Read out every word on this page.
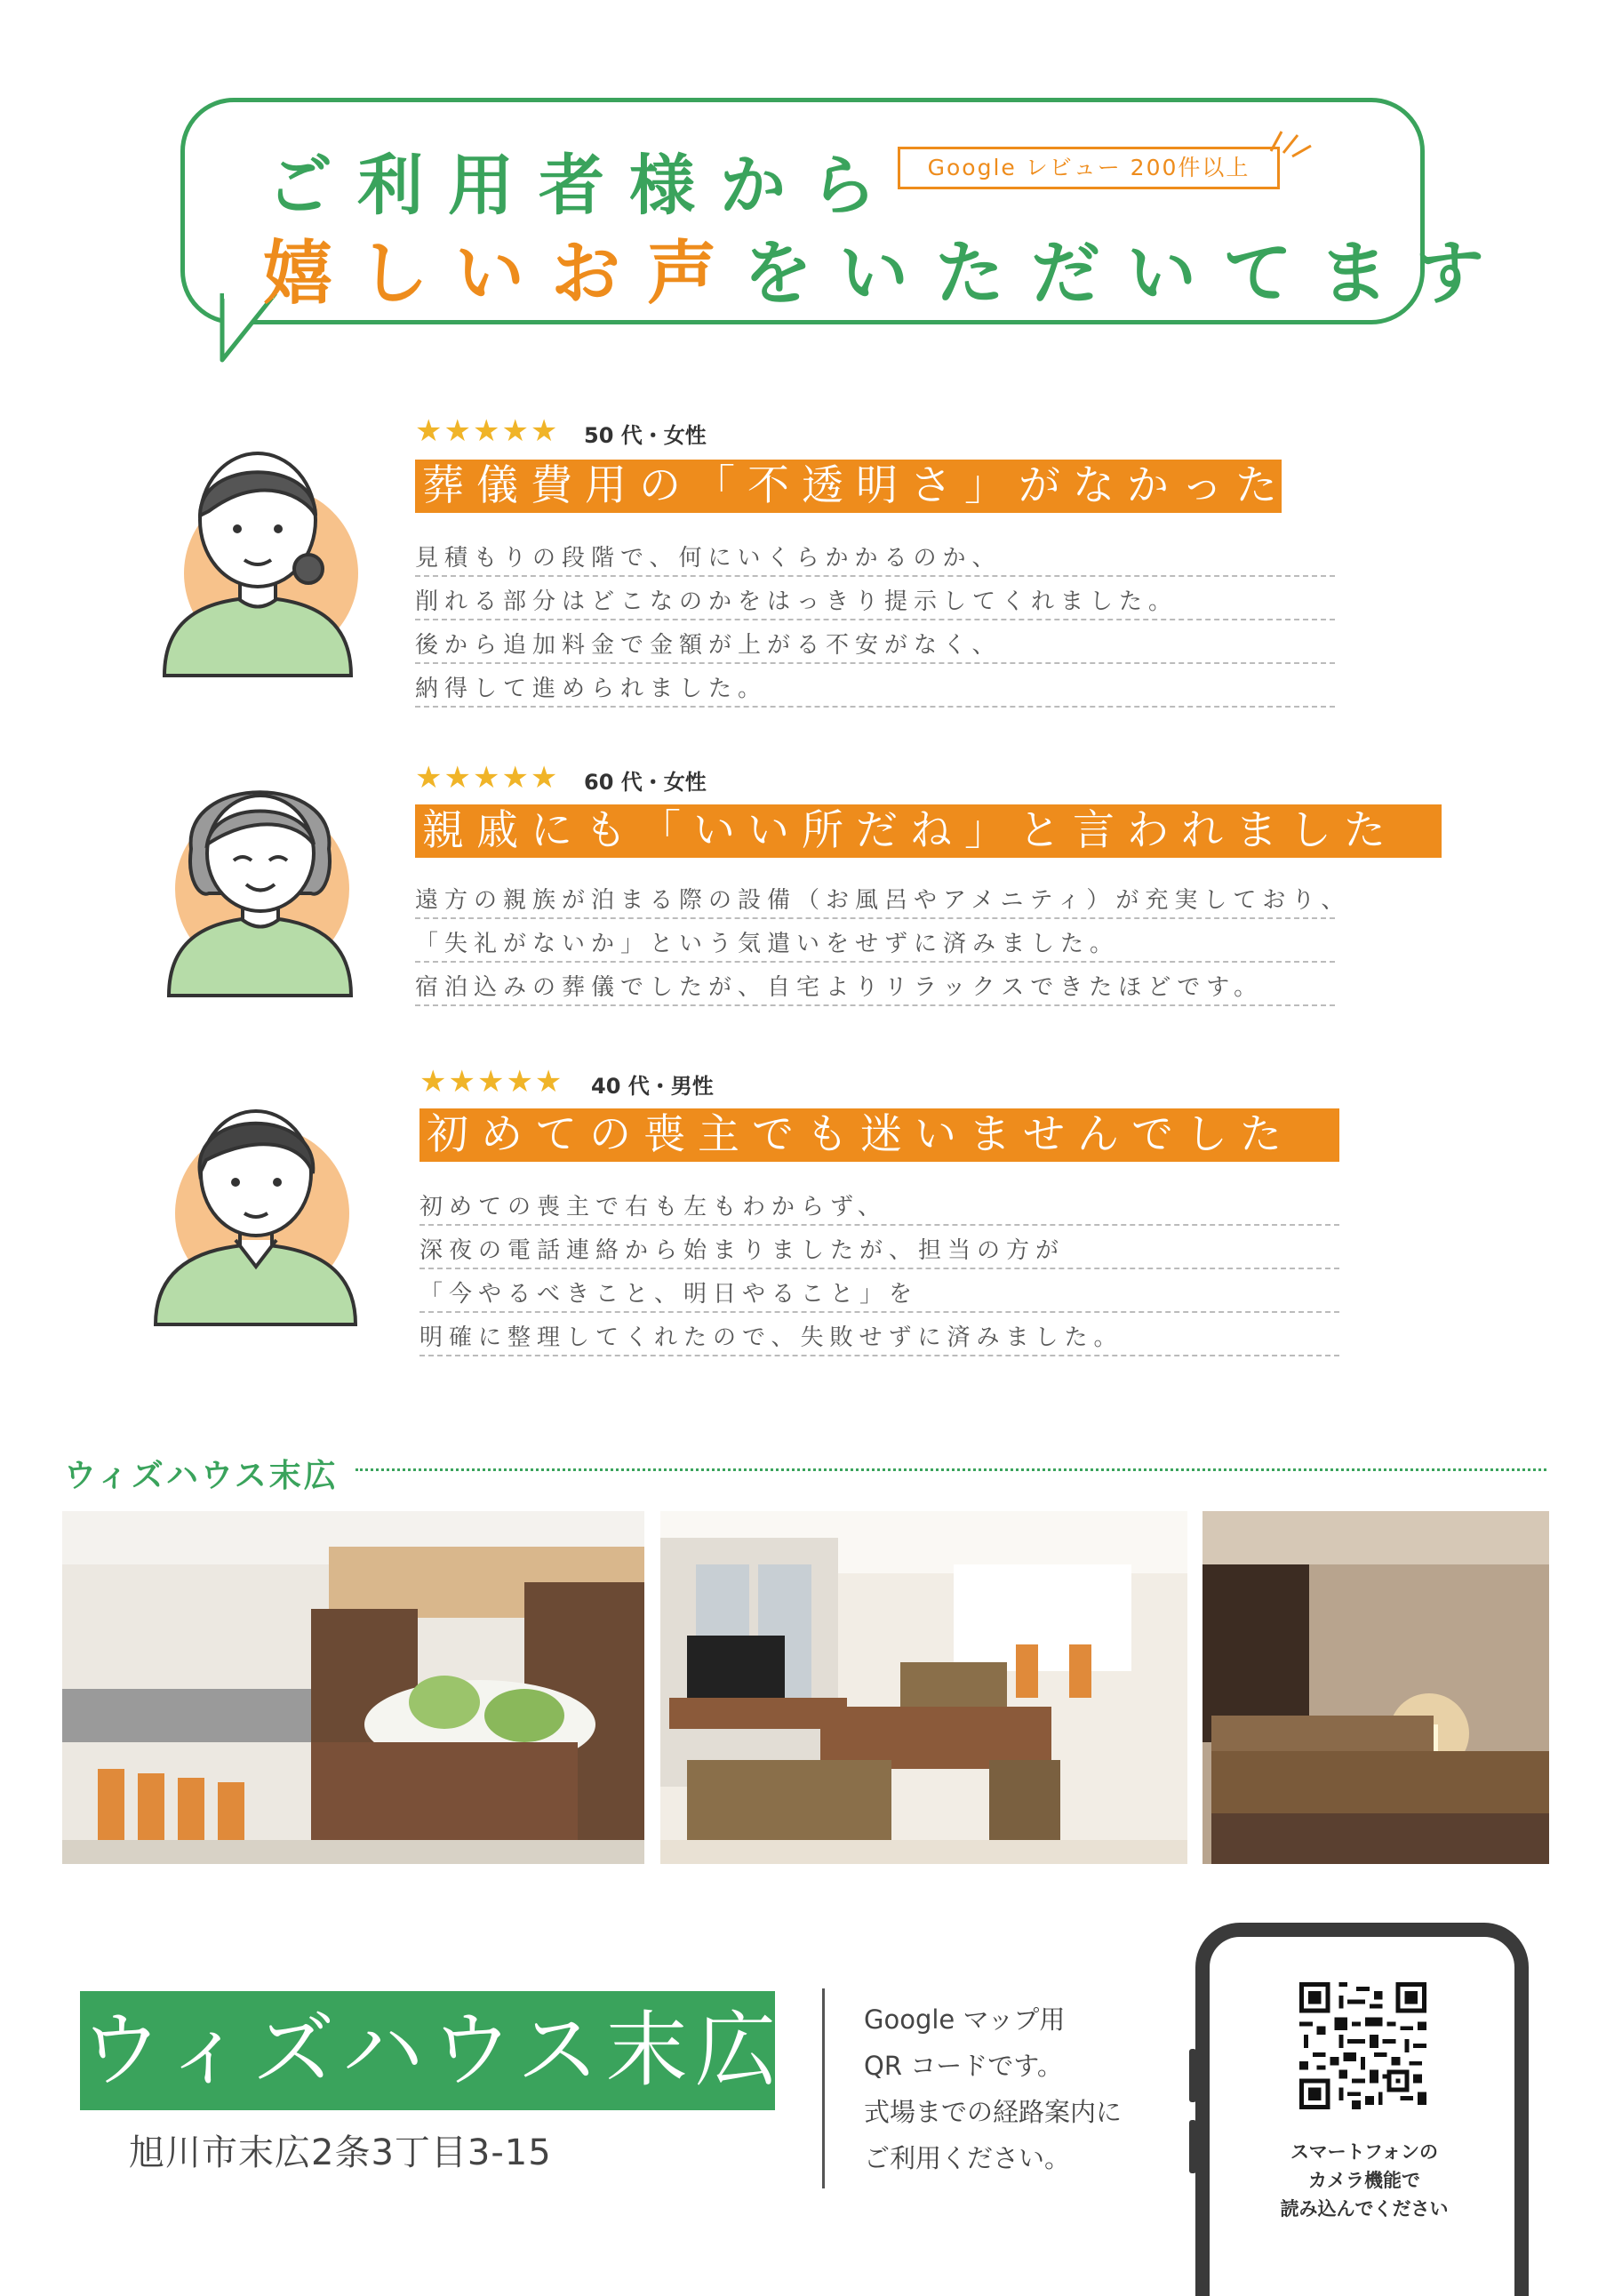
ご利用者様から
嬉しいお声をいただいてます
Google レビュー 200件以上
★★★★★ 50 代・女性
葬儀費用の「不透明さ」がなかった
見積もりの段階で、何にいくらかかるのか、
削れる部分はどこなのかをはっきり提示してくれました。
後から追加料金で金額が上がる不安がなく、
納得して進められました。
★★★★★ 60 代・女性
親戚にも「いい所だね」と言われました
遠方の親族が泊まる際の設備（お風呂やアメニティ）が充実しており、
「失礼がないか」という気遣いをせずに済みました。
宿泊込みの葬儀でしたが、自宅よりリラックスできたほどです。
★★★★★ 40 代・男性
初めての喪主でも迷いませんでした
初めての喪主で右も左もわからず、
深夜の電話連絡から始まりましたが、担当の方が
「今やるべきこと、明日やること」を
明確に整理してくれたので、失敗せずに済みました。
ウィズハウス末広
ウィズハウス末広
旭川市末広2条3丁目3-15
Google マップ用
QR コードです。
式場までの経路案内に
ご利用ください。	スマートフォンの
カメラ機能で
読み込んでください
